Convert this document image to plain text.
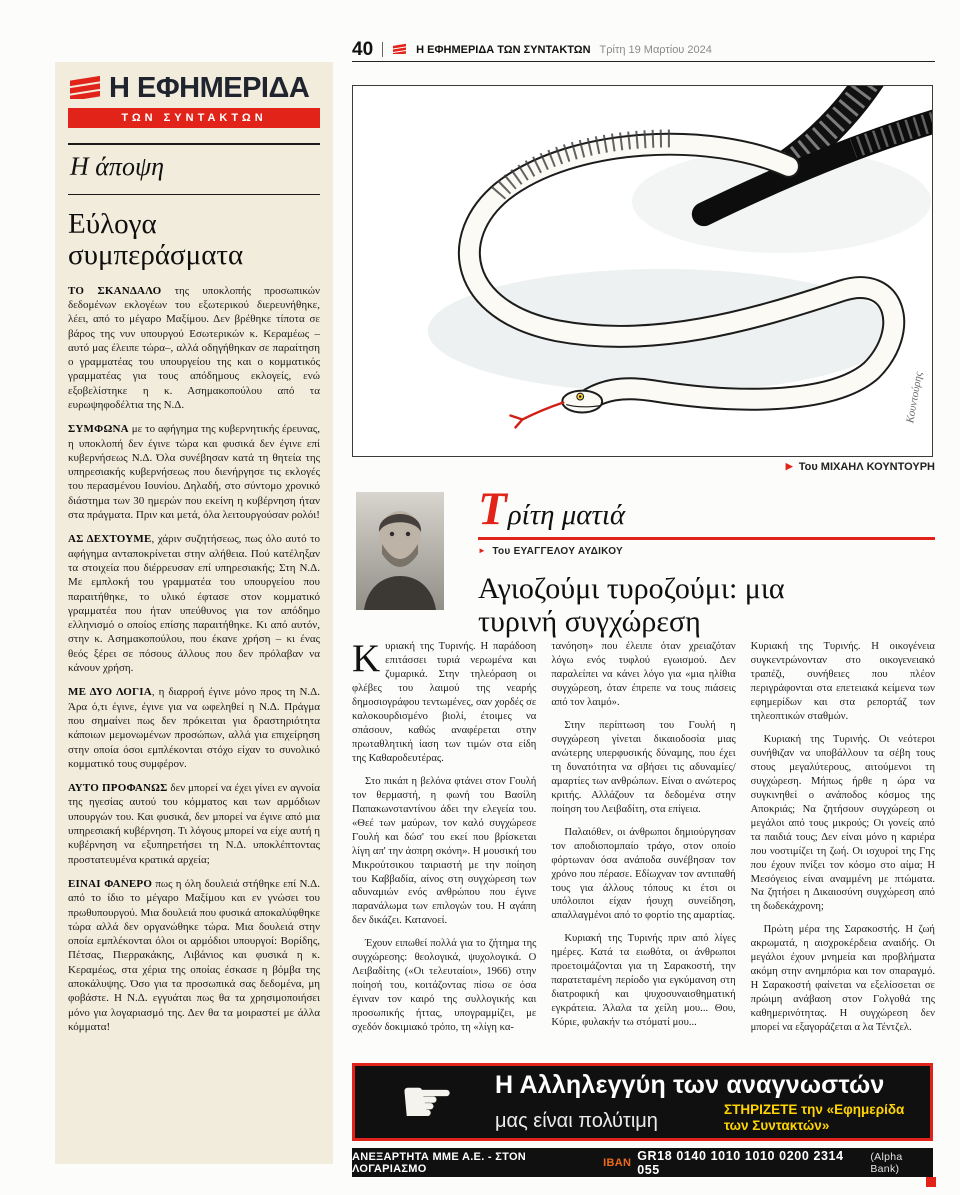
Η ΕΦΗΜΕΡΙΔΑ
ΤΩΝ ΣΥΝΤΑΚΤΩΝ
Η άποψη
Εύλογα συμπεράσματα

ΤΟ ΣΚΑΝΔΑΛΟ της υποκλοπής προσωπικών δεδομένων εκλογέων του εξωτερικού διερευνήθηκε, λέει, από το μέγαρο Μαξίμου. Δεν βρέθηκε τίποτα σε βάρος της νυν υπουργού Εσωτερικών κ. Κεραμέως –αυτό μας έλειπε τώρα–, αλλά οδηγήθηκαν σε παραίτηση ο γραμματέας του υπουργείου της και ο κομματικός γραμματέας για τους απόδημους εκλογείς, ενώ εξοβελίστηκε η κ. Ασημακοπούλου από τα ευρωψηφοδέλτια της Ν.Δ.

ΣΥΜΦΩΝΑ με το αφήγημα της κυβερνητικής έρευνας, η υποκλοπή δεν έγινε τώρα και φυσικά δεν έγινε επί κυβερνήσεως Ν.Δ. Όλα συνέβησαν κατά τη θητεία της υπηρεσιακής κυβερνήσεως που διενήργησε τις εκλογές του περασμένου Ιουνίου. Δηλαδή, στο σύντομο χρονικό διάστημα των 30 ημερών που εκείνη η κυβέρνηση ήταν στα πράγματα. Πριν και μετά, όλα λειτουργούσαν ρολόι!

ΑΣ ΔΕΧΤΟΥΜΕ, χάριν συζητήσεως, πως όλο αυτό το αφήγημα ανταποκρίνεται στην αλήθεια. Πού κατέληξαν τα στοιχεία που διέρρευσαν επί υπηρεσιακής; Στη Ν.Δ. Με εμπλοκή του γραμματέα του υπουργείου που παραιτήθηκε, το υλικό έφτασε στον κομματικό γραμματέα που ήταν υπεύθυνος για τον απόδημο ελληνισμό ο οποίος επίσης παραιτήθηκε. Κι από αυτόν, στην κ. Ασημακοπούλου, που έκανε χρήση – κι ένας θεός ξέρει σε πόσους άλλους που δεν πρόλαβαν να κάνουν χρήση.

ΜΕ ΔΥΟ ΛΟΓΙΑ, η διαρροή έγινε μόνο προς τη Ν.Δ. Άρα ό,τι έγινε, έγινε για να ωφεληθεί η Ν.Δ. Πράγμα που σημαίνει πως δεν πρόκειται για δραστηριότητα κάποιων μεμονωμένων προσώπων, αλλά για επιχείρηση στην οποία όσοι εμπλέκονται στόχο είχαν το συνολικό κομματικό τους συμφέρον.

ΑΥΤΟ ΠΡΟΦΑΝΩΣ δεν μπορεί να έχει γίνει εν αγνοία της ηγεσίας αυτού του κόμματος και των αρμόδιων υπουργών του. Και φυσικά, δεν μπορεί να έγινε από μια υπηρεσιακή κυβέρνηση. Τι λόγους μπορεί να είχε αυτή η κυβέρνηση να εξυπηρετήσει τη Ν.Δ. υποκλέπτοντας προστατευμένα κρατικά αρχεία;

ΕΙΝΑΙ ΦΑΝΕΡΟ πως η όλη δουλειά στήθηκε επί Ν.Δ. από το ίδιο το μέγαρο Μαξίμου και εν γνώσει του πρωθυπουργού. Μια δουλειά που φυσικά αποκαλύφθηκε τώρα αλλά δεν οργανώθηκε τώρα. Μια δουλειά στην οποία εμπλέκονται όλοι οι αρμόδιοι υπουργοί: Βορίδης, Πέτσας, Πιερρακάκης, Λιβάνιος και φυσικά η κ. Κεραμέως, στα χέρια της οποίας έσκασε η βόμβα της αποκάλυψης. Όσο για τα προσωπικά σας δεδομένα, μη φοβάστε. Η Ν.Δ. εγγυάται πως θα τα χρησιμοποιήσει μόνο για λογαριασμό της. Δεν θα τα μοιραστεί με άλλα κόμματα!

40	Η ΕΦΗΜΕΡΙΔΑ ΤΩΝ ΣΥΝΤΑΚΤΩΝ Τρίτη 19 Μαρτίου 2024
Κουντούρης
▶ Του ΜΙΧΑΗΛ ΚΟΥΝΤΟΥΡΗ
Τ ρίτη ματιά
► Του ΕΥΑΓΓΕΛΟΥ ΑΥΔΙΚΟΥ
Αγιοζούμι τυροζούμι: μια τυρινή συγχώρεση

Κυριακή της Τυρινής. Η παράδοση επιτάσσει τυριά νερωμένα και ζυμαρικά. Στην τηλεόραση οι φλέβες του λαιμού της νεαρής δημοσιογράφου τεντωμένες, σαν χορδές σε καλοκουρδισμένο βιολί, έτοιμες να σπάσουν, καθώς αναφέρεται στην πρωταθλητική ίαση των τιμών στα είδη της Καθαροδευτέρας.

Στο πικάπ η βελόνα φτάνει στον Γουλή τον θερμαστή, η φωνή του Βασίλη Παπακωνσταντίνου άδει την ελεγεία του. «Θεέ των μαύρων, τον καλό συγχώρεσε Γουλή και δώσ' του εκεί που βρίσκεται λίγη απ' την άσπρη σκόνη». Η μουσική του Μικρούτσικου ταιριαστή με την ποίηση του Καββαδία, αίνος στη συγχώρεση των αδυναμιών ενός ανθρώπου που έγινε παρανάλωμα των επιλογών του. Η αγάπη δεν δικάζει. Κατανοεί.

Έχουν ειπωθεί πολλά για το ζήτημα της συγχώρεσης: θεολογικά, ψυχολογικά. Ο Λειβαδίτης («Οι τελευταίοι», 1966) στην ποίησή του, κοιτάζοντας πίσω σε όσα έγιναν τον καιρό της συλλογικής και προσωπικής ήττας, υπογραμμίζει, με σχεδόν δοκιμιακό τρόπο, τη «λίγη κα-

τανόηση» που έλειπε όταν χρειαζόταν λόγω ενός τυφλού εγωισμού. Δεν παραλείπει να κάνει λόγο για «μια ηλίθια συγχώρεση, όταν έπρεπε να τους πιάσεις από τον λαιμό».

Στην περίπτωση του Γουλή η συγχώρεση γίνεται δικαιοδοσία μιας ανώτερης υπερφυσικής δύναμης, που έχει τη δυνατότητα να σβήσει τις αδυναμίες/αμαρτίες των ανθρώπων. Είναι ο ανώτερος κριτής. Αλλάζουν τα δεδομένα στην ποίηση του Λειβαδίτη, στα επίγεια.

Παλαιόθεν, οι άνθρωποι δημιούργησαν τον αποδιοπομπαίο τράγο, στον οποίο φόρτωναν όσα ανάποδα συνέβησαν τον χρόνο που πέρασε. Εδίωχναν τον αντιπαθή τους για άλλους τόπους κι έτσι οι υπόλοιποι είχαν ήσυχη συνείδηση, απαλλαγμένοι από το φορτίο της αμαρτίας.

Κυριακή της Τυρινής πριν από λίγες ημέρες. Κατά τα ειωθότα, οι άνθρωποι προετοιμάζονται για τη Σαρακοστή, την παρατεταμένη περίοδο για εγκύμανση στη διατροφική και ψυχοσυναισθηματική εγκράτεια. Άλαλα τα χείλη μου... Θου, Κύριε, φυλακήν τω στόματί μου...

Κυριακή της Τυρινής. Η οικογένεια συγκεντρώνονταν στο οικογενειακό τραπέζι, συνήθειες που πλέον περιγράφονται στα επετειακά κείμενα των εφημερίδων και στα ρεπορτάζ των τηλεοπτικών σταθμών.

Κυριακή της Τυρινής. Οι νεότεροι συνήθιζαν να υποβάλλουν τα σέβη τους στους μεγαλύτερους, αιτούμενοι τη συγχώρεση. Μήπως ήρθε η ώρα να συγκινηθεί ο ανάποδος κόσμος της Αποκριάς; Να ζητήσουν συγχώρεση οι μεγάλοι από τους μικρούς; Οι γονείς από τα παιδιά τους; Δεν είναι μόνο η καριέρα που νοστιμίζει τη ζωή. Οι ισχυροί της Γης που έχουν πνίξει τον κόσμο στο αίμα; Η Μεσόγειος είναι αναμμένη με πτώματα. Να ζητήσει η Δικαιοσύνη συγχώρεση από τη δωδεκάχρονη;

Πρώτη μέρα της Σαρακοστής. Η ζωή ακρωματά, η αισχροκέρδεια αναιδής. Οι μεγάλοι έχουν μνημεία και προβλήματα ακόμη στην ανημπόρια και τον σπαραγμό. Η Σαρακοστή φαίνεται να εξελίσσεται σε πρώιμη ανάβαση στον Γολγοθά της καθημερινότητας. Η συγχώρεση δεν μπορεί να εξαγοράζεται α λα Τέντζελ.

☛	Η Αλληλεγγύη των αναγνωστών
μας είναι πολύτιμη
ΣΤΗΡΙΖΕΤΕ την «Εφημερίδα των Συντακτών»
ΑΝΕΞΑΡΤΗΤΑ ΜΜΕ Α.Ε. - ΣΤΟΝ ΛΟΓΑΡΙΑΣΜΟ	IBAN GR18 0140 1010 1010 0200 2314 055
(Alpha Bank)
